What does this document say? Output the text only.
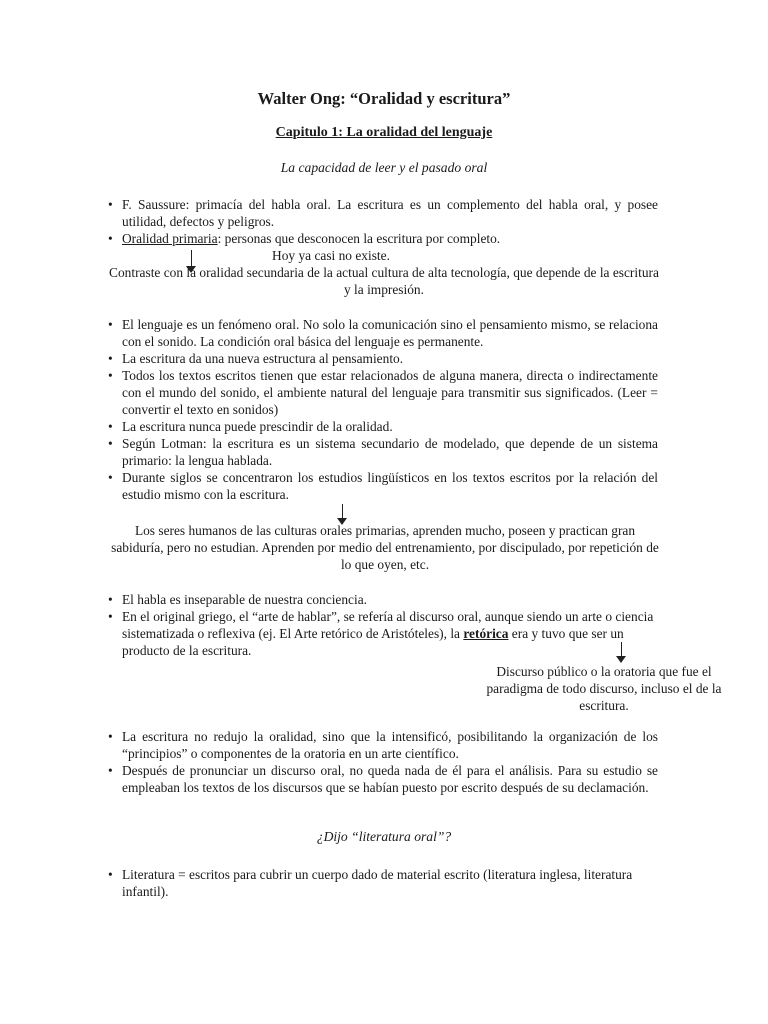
Walter Ong: “Oralidad y escritura”
Capitulo 1: La oralidad del lenguaje
La capacidad de leer y el pasado oral
• F. Saussure: primacía del habla oral. La escritura es un complemento del habla oral, y posee utilidad, defectos y peligros.
• Oralidad primaria: personas que desconocen la escritura por completo.
Hoy ya casi no existe.
Contraste con la oralidad secundaria de la actual cultura de alta tecnología, que depende de la escritura y la impresión.
• El lenguaje es un fenómeno oral. No solo la comunicación sino el pensamiento mismo, se relaciona con el sonido. La condición oral básica del lenguaje es permanente.
• La escritura da una nueva estructura al pensamiento.
• Todos los textos escritos tienen que estar relacionados de alguna manera, directa o indirectamente con el mundo del sonido, el ambiente natural del lenguaje para transmitir sus significados. (Leer = convertir el texto en sonidos)
• La escritura nunca puede prescindir de la oralidad.
• Según Lotman: la escritura es un sistema secundario de modelado, que depende de un sistema primario: la lengua hablada.
• Durante siglos se concentraron los estudios lingüísticos en los textos escritos por la relación del estudio mismo con la escritura.
Los seres humanos de las culturas orales primarias, aprenden mucho, poseen y practican gran sabiduría, pero no estudian. Aprenden por medio del entrenamiento, por discipulado, por repetición de lo que oyen, etc.
• El habla es inseparable de nuestra conciencia.
• En el original griego, el “arte de hablar”, se refería al discurso oral, aunque siendo un arte o ciencia sistematizada o reflexiva (ej. El Arte retórico de Aristóteles), la retórica era y tuvo que ser un producto de la escritura.
Discurso público o la oratoria que fue el paradigma de todo discurso, incluso el de la escritura.
• La escritura no redujo la oralidad, sino que la intensificó, posibilitando la organización de los “principios” o componentes de la oratoria en un arte científico.
• Después de pronunciar un discurso oral, no queda nada de él para el análisis. Para su estudio se empleaban los textos de los discursos que se habían puesto por escrito después de su declamación.
¿Dijo “literatura oral”?
• Literatura = escritos para cubrir un cuerpo dado de material escrito (literatura inglesa, literatura infantil).
